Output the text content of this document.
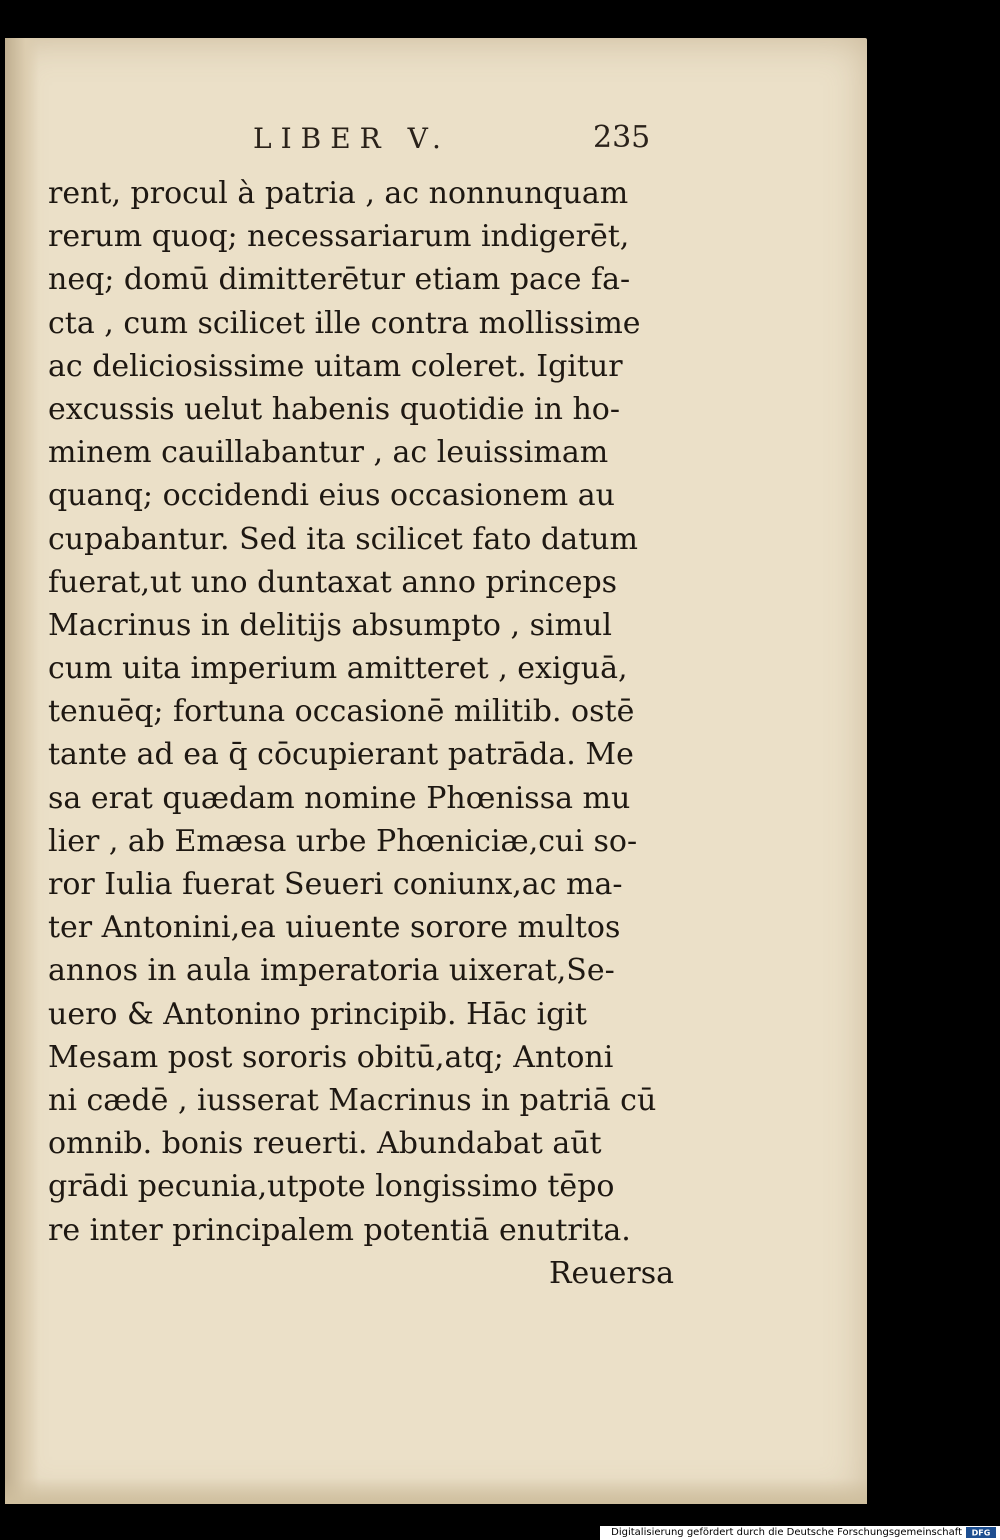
LIBER V.	235
rent, procul à patria , ac nonnunquam
rerum quoq; necessariarum indigerēt,
neq; domū dimitterētur etiam pace fa-
cta , cum scilicet ille contra mollissime
ac deliciosissime uitam coleret. Igitur
excussis uelut habenis quotidie in ho-
minem cauillabantur , ac leuissimam
quanq; occidendi eius occasionem au
cupabantur. Sed ita scilicet fato datum
fuerat,ut uno duntaxat anno princeps
Macrinus in delitijs absumpto , simul
cum uita imperium amitteret , exiguā,
tenuēq; fortuna occasionē militib. ostē
tante ad ea q̄ cōcupierant patrāda. Me
sa erat quædam nomine Phœnissa mu
lier , ab Emæsa urbe Phœniciæ,cui so-
ror Iulia fuerat Seueri coniunx,ac ma-
ter Antonini,ea uiuente sorore multos
annos in aula imperatoria uixerat,Se-
uero & Antonino principib. Hāc igit
Mesam post sororis obitū,atq; Antoni
ni cædē , iusserat Macrinus in patriā cū
omnib. bonis reuerti. Abundabat aūt
grādi pecunia,utpote longissimo tēpo
re inter principalem potentiā enutrita.
Reuersa
Digitalisierung gefördert durch die Deutsche Forschungsgemeinschaft DFG
